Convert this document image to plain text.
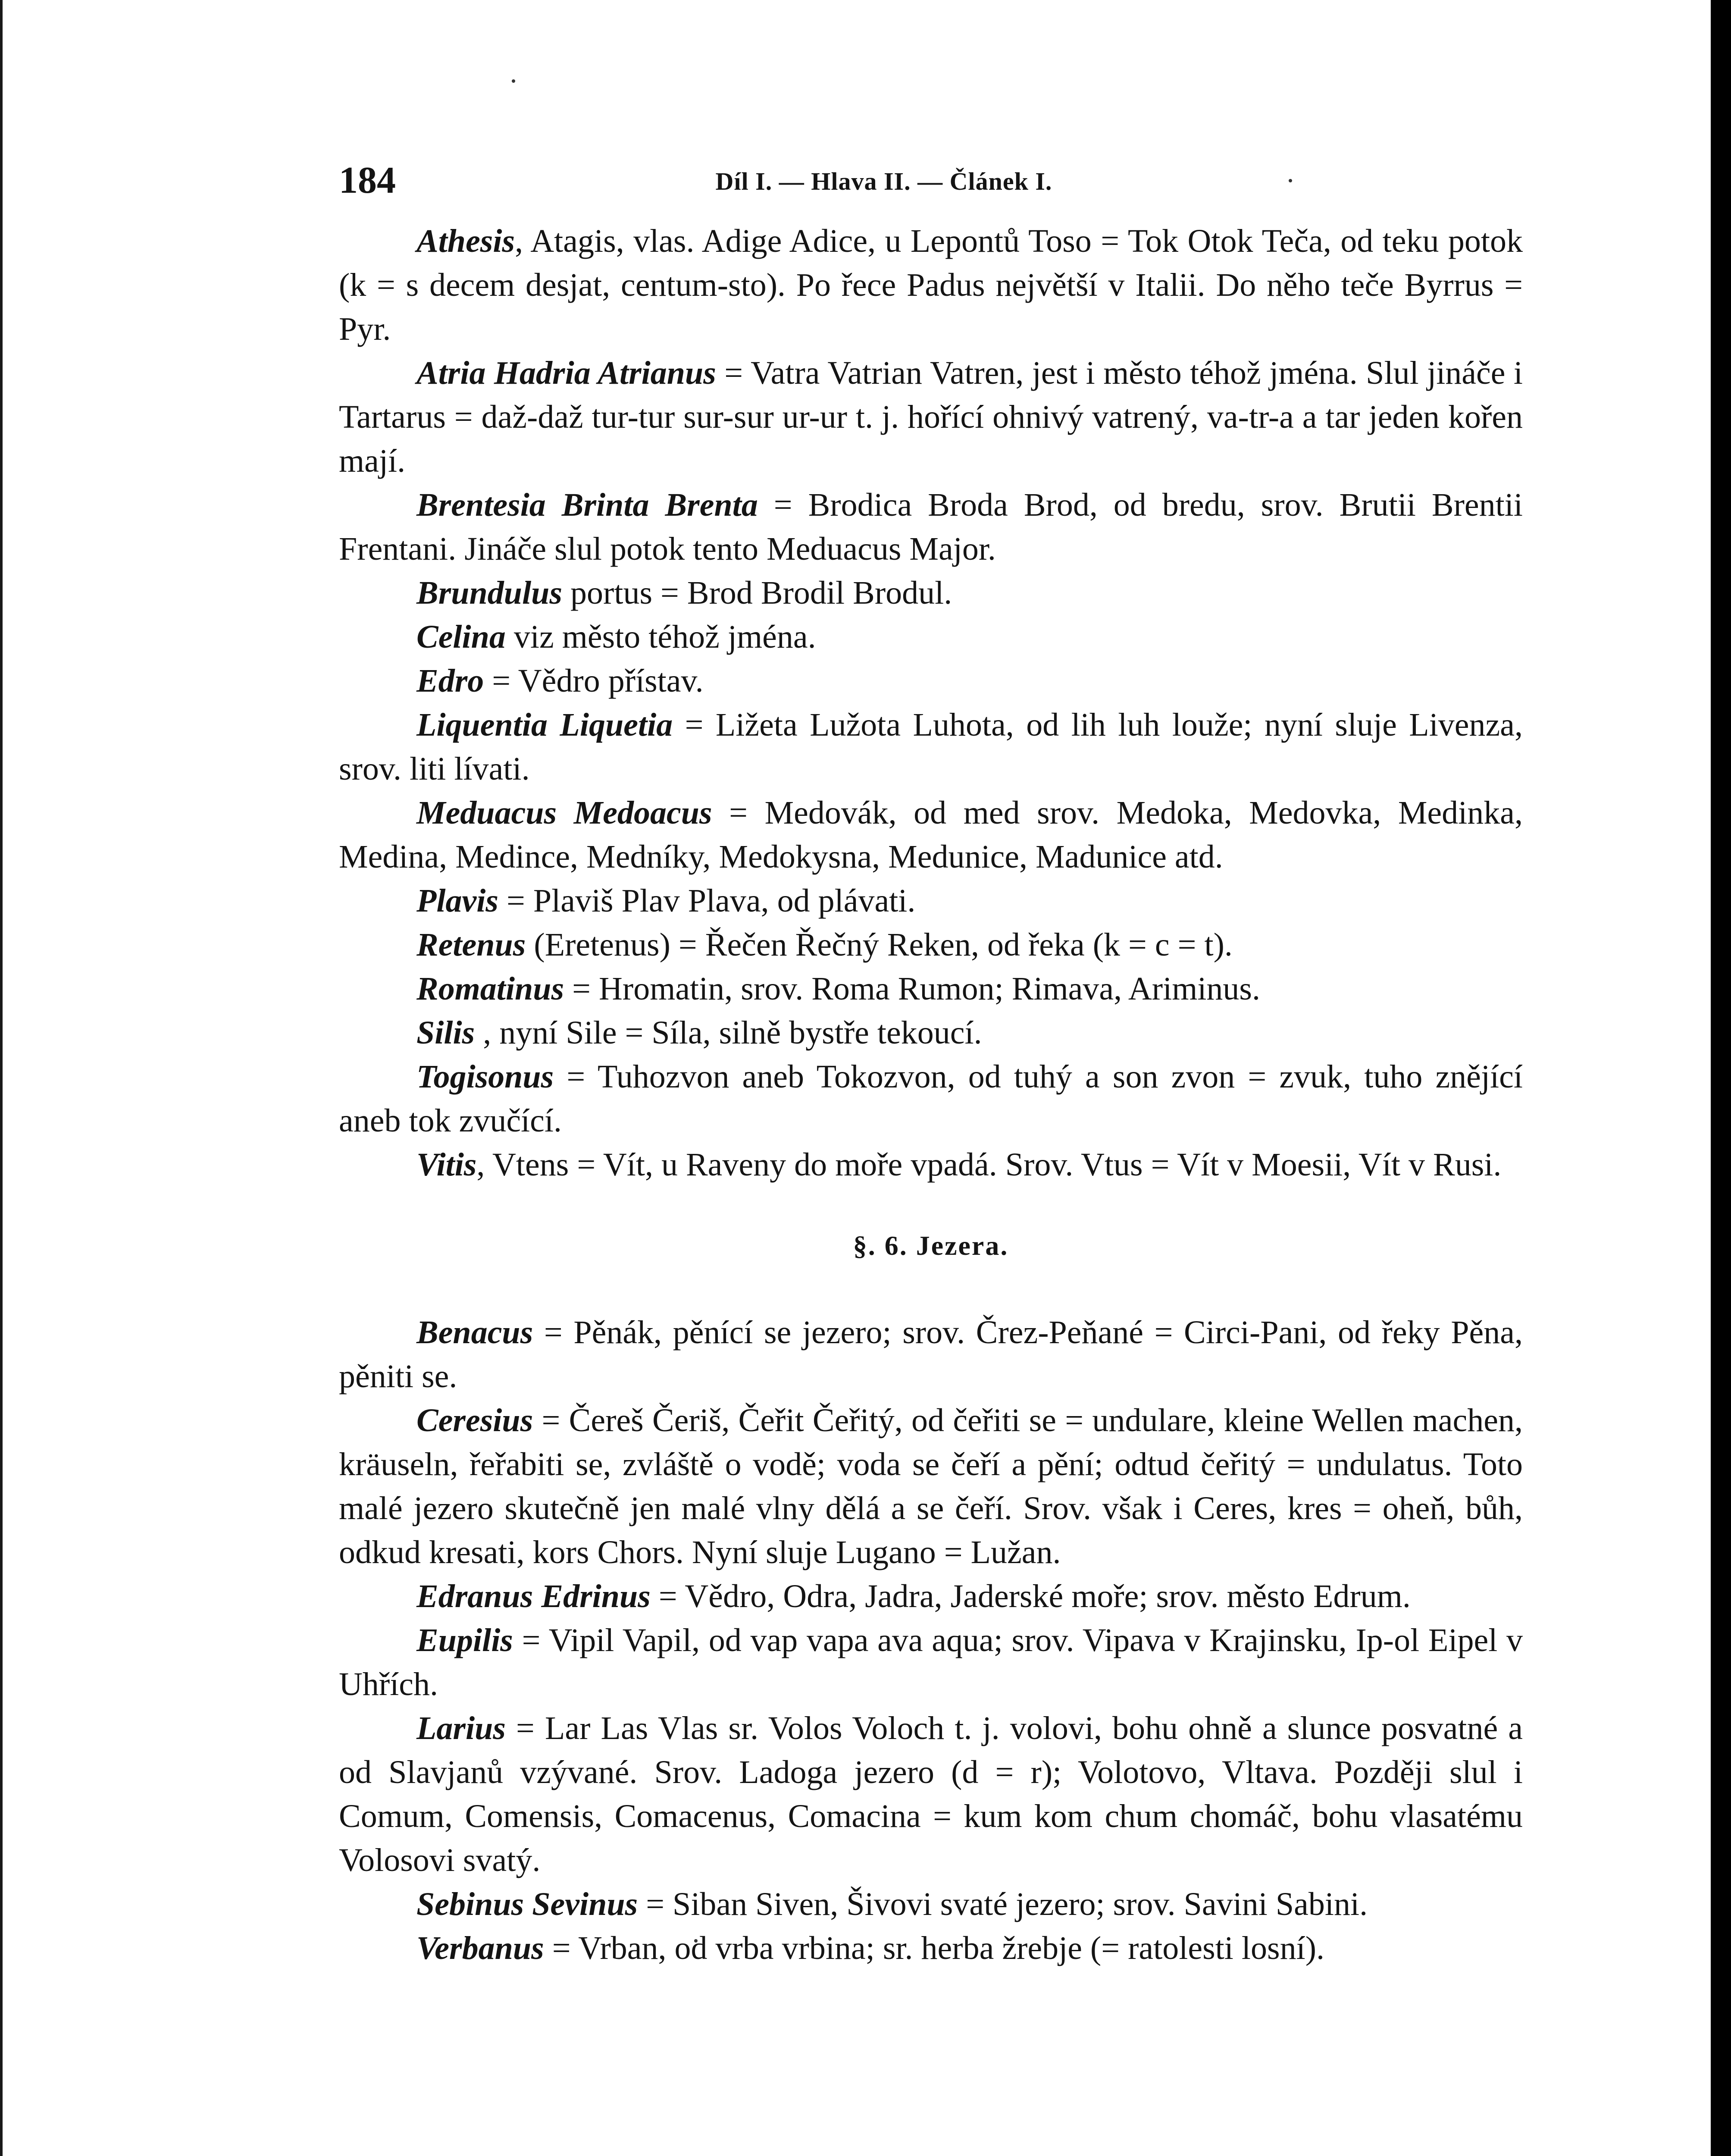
184	Díl I. — Hlava II. — Článek I.

Athesis, Atagis, vlas. Adige Adice, u Lepontů Toso = Tok Otok Teča, od teku potok (k = s decem desjat, centum-sto). Po řece Padus největší v Italii. Do něho teče Byrrus = Pyr.

Atria Hadria Atrianus = Vatra Vatrian Vatren, jest i město téhož jména. Slul jináče i Tartarus = daž-daž tur-tur sur-sur ur-ur t. j. hořící ohnivý vatrený, va-tr-a a tar jeden kořen mají.

Brentesia Brinta Brenta = Brodica Broda Brod, od bredu, srov. Brutii Brentii Frentani. Jináče slul potok tento Meduacus Major.

Brundulus portus = Brod Brodil Brodul.

Celina viz město téhož jména.

Edro = Vědro přístav.

Liquentia Liquetia = Ližeta Lužota Luhota, od lih luh louže; nyní sluje Livenza, srov. liti lívati.

Meduacus Medoacus = Medovák, od med srov. Medoka, Medovka, Medinka, Medina, Medince, Medníky, Medokysna, Medunice, Madunice atd.

Plavis = Plaviš Plav Plava, od plávati.

Retenus (Eretenus) = Řečen Řečný Reken, od řeka (k = c = t).

Romatinus = Hromatin, srov. Roma Rumon; Rimava, Ariminus.

Silis , nyní Sile = Síla, silně bystře tekoucí.

Togisonus = Tuhozvon aneb Tokozvon, od tuhý a son zvon = zvuk, tuho znějící aneb tok zvučící.

Vitis, Vtens = Vít, u Raveny do moře vpadá. Srov. Vtus = Vít v Moesii, Vít v Rusi.

§. 6. Jezera.

Benacus = Pěnák, pěnící se jezero; srov. Črez-Peňané = Circi-Pani, od řeky Pěna, pěniti se.

Ceresius = Čereš Čeriš, Čeřit Čeřitý, od čeřiti se = undulare, kleine Wellen machen, kräuseln, řeřabiti se, zvláště o vodě; voda se čeří a pění; odtud čeřitý = undulatus. Toto malé jezero skutečně jen malé vlny dělá a se čeří. Srov. však i Ceres, kres = oheň, bůh, odkud kresati, kors Chors. Nyní sluje Lugano = Lužan.

Edranus Edrinus = Vědro, Odra, Jadra, Jaderské moře; srov. město Edrum.

Eupilis = Vipil Vapil, od vap vapa ava aqua; srov. Vipava v Krajinsku, Ip-ol Eipel v Uhřích.

Larius = Lar Las Vlas sr. Volos Voloch t. j. volovi, bohu ohně a slunce posvatné a od Slavjanů vzývané. Srov. Ladoga jezero (d = r); Volotovo, Vltava. Později slul i Comum, Comensis, Comacenus, Comacina = kum kom chum chomáč, bohu vlasatému Volosovi svatý.

Sebinus Sevinus = Siban Siven, Šivovi svaté jezero; srov. Savini Sabini.

Verbanus = Vrban, od vrba vrbina; sr. herba žrebje (= ratolesti losní).
